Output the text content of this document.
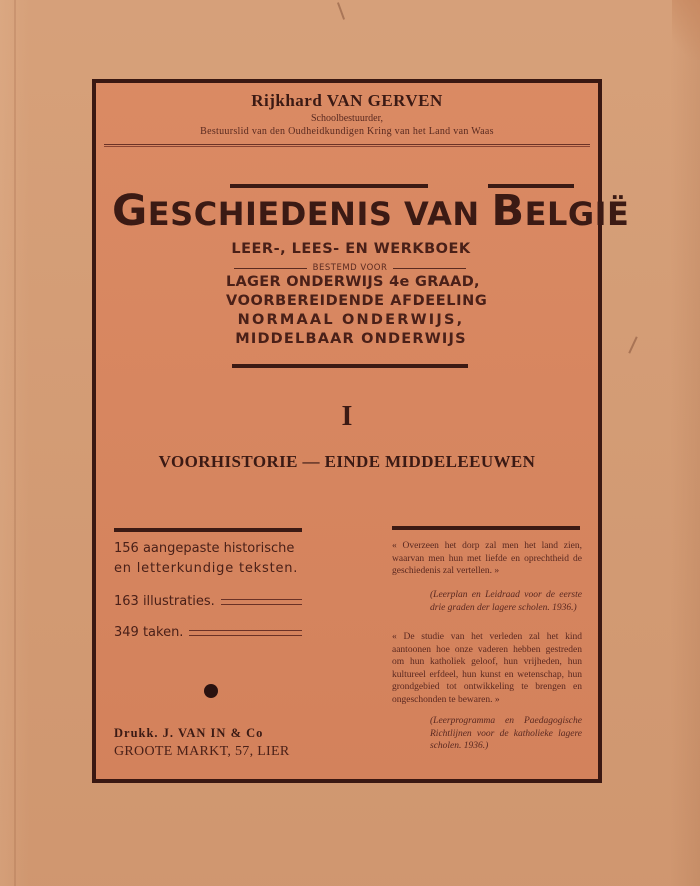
Rijkhard VAN GERVEN
Schoolbestuurder,
Bestuurslid van den Oudheidkundigen Kring van het Land van Waas
GESCHIEDENIS VAN BELGIË
LEER-, LEES- EN WERKBOEK
BESTEMD VOOR
LAGER ONDERWIJS 4e GRAAD,
VOORBEREIDENDE AFDEELING
NORMAAL ONDERWIJS,
MIDDELBAAR ONDERWIJS
I
VOORHISTORIE — EINDE MIDDELEEUWEN
156 aangepaste historische
en letterkundige teksten.
163 illustraties.
349 taken.
Drukk. J. VAN IN & Co
GROOTE MARKT, 57, LIER
« Overzeen het dorp zal men het land zien, waarvan men hun met liefde en oprechtheid de geschiedenis zal vertellen. »
(Leerplan en Leidraad voor de eerste drie graden der lagere scholen. 1936.)
« De studie van het verleden zal het kind aantoonen hoe onze vaderen hebben gestreden om hun katholiek geloof, hun vrijheden, hun kultureel erfdeel, hun kunst en wetenschap, hun grondgebied tot ontwikkeling te brengen en ongeschonden te bewaren. »
(Leerprogramma en Paedagogische Richtlijnen voor de katholieke lagere scholen. 1936.)
